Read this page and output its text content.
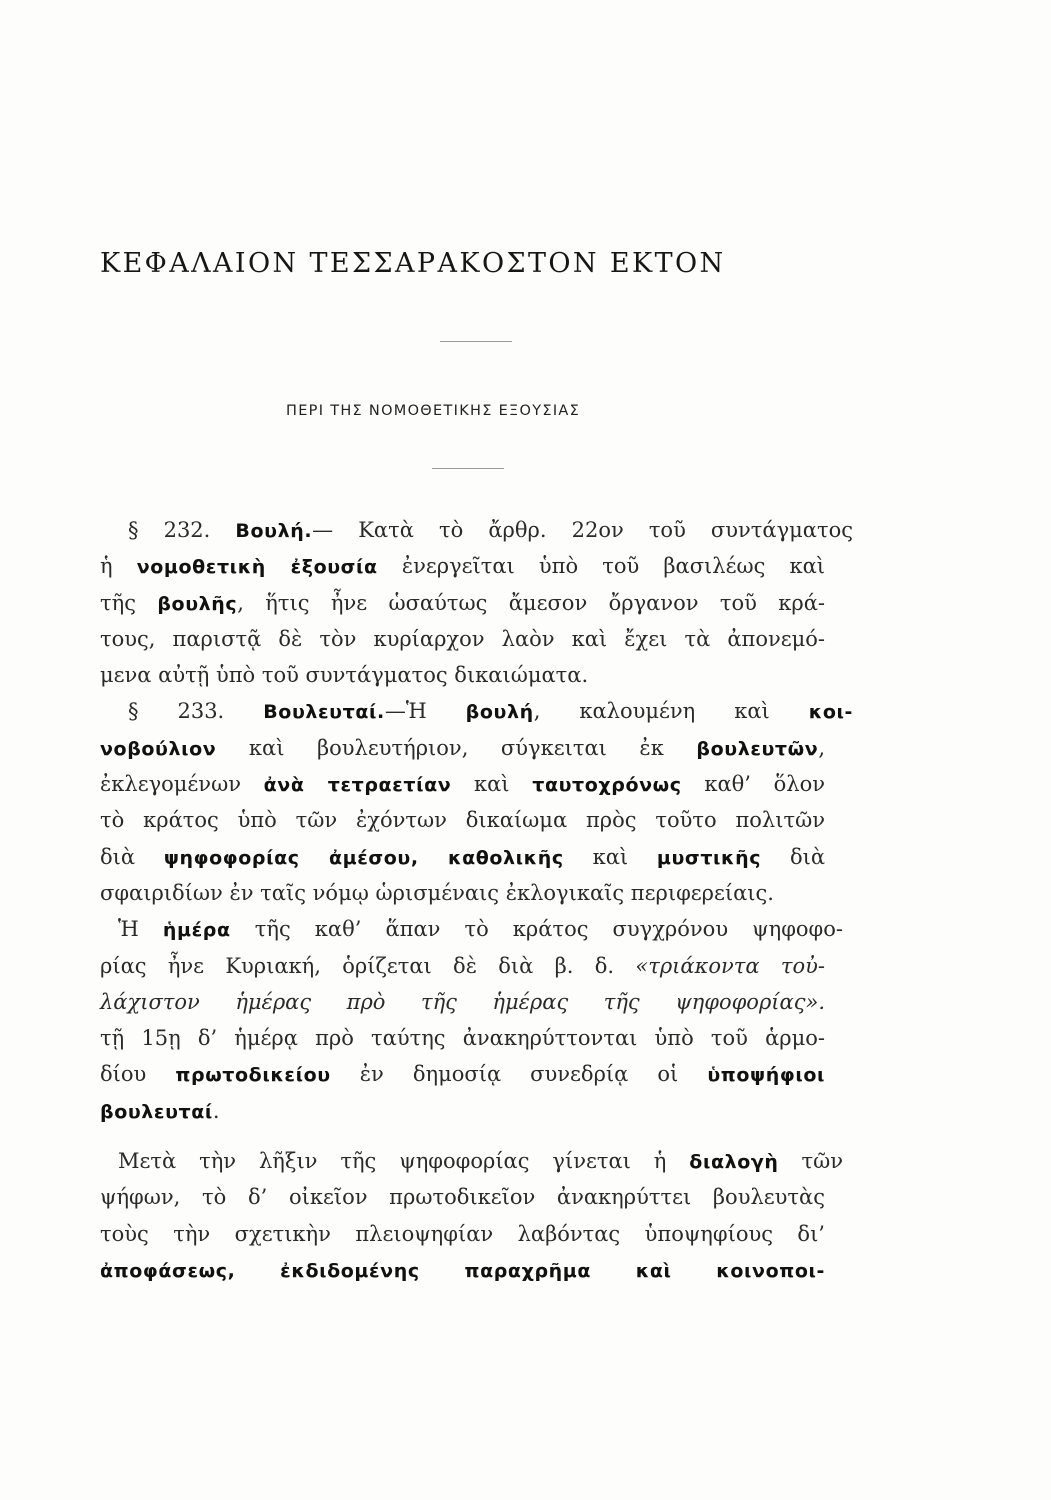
ΚΕΦΑΛΑΙΟΝ ΤΕΣΣΑΡΑΚΟΣΤΟΝ ΕΚΤΟΝ
ΠΕΡΙ ΤΗΣ ΝΟΜΟΘΕΤΙΚΗΣ ΕΞΟΥΣΙΑΣ
§ 232. Βουλή.— Κατὰ τὸ ἄρθρ. 22ον τοῦ συντάγματος
ἡ νομοθετικὴ ἐξουσία ἐνεργεῖται ὑπὸ τοῦ βασιλέως καὶ
τῆς βουλῆς, ἥτις ἦνε ὡσαύτως ἄμεσον ὄργανον τοῦ κρά-
τους, παριστᾷ δὲ τὸν κυρίαρχον λαὸν καὶ ἔχει τὰ ἀπονεμό-
μενα αὐτῇ ὑπὸ τοῦ συντάγματος δικαιώματα.
§ 233. Βουλευταί.—Ἡ βουλή, καλουμένη καὶ κοι-
νοβούλιον καὶ βουλευτήριον, σύγκειται ἐκ βουλευτῶν,
ἐκλεγομένων ἀνὰ τετραετίαν καὶ ταυτοχρόνως καθ’ ὅλον
τὸ κράτος ὑπὸ τῶν ἐχόντων δικαίωμα πρὸς τοῦτο πολιτῶν
διὰ ψηφοφορίας ἀμέσου, καθολικῆς καὶ μυστικῆς διὰ
σφαιριδίων ἐν ταῖς νόμῳ ὡρισμέναις ἐκλογικαῖς περιφερείαις.
Ἡ ἡμέρα τῆς καθ’ ἅπαν τὸ κράτος συγχρόνου ψηφοφο-
ρίας ἦνε Κυριακή, ὁρίζεται δὲ διὰ β. δ. «τριάκοντα τοὐ-
λάχιστον ἡμέρας πρὸ τῆς ἡμέρας τῆς ψηφοφορίας».
τῇ 15ῃ δ’ ἡμέρᾳ πρὸ ταύτης ἀνακηρύττονται ὑπὸ τοῦ ἁρμο-
δίου πρωτοδικείου ἐν δημοσίᾳ συνεδρίᾳ οἱ ὑποψήφιοι
βουλευταί.
Μετὰ τὴν λῆξιν τῆς ψηφοφορίας γίνεται ἡ διαλογὴ τῶν
ψήφων, τὸ δ’ οἰκεῖον πρωτοδικεῖον ἀνακηρύττει βουλευτὰς
τοὺς τὴν σχετικὴν πλειοψηφίαν λαβόντας ὑποψηφίους δι’
ἀποφάσεως, ἐκδιδομένης παραχρῆμα καὶ κοινοποι-
